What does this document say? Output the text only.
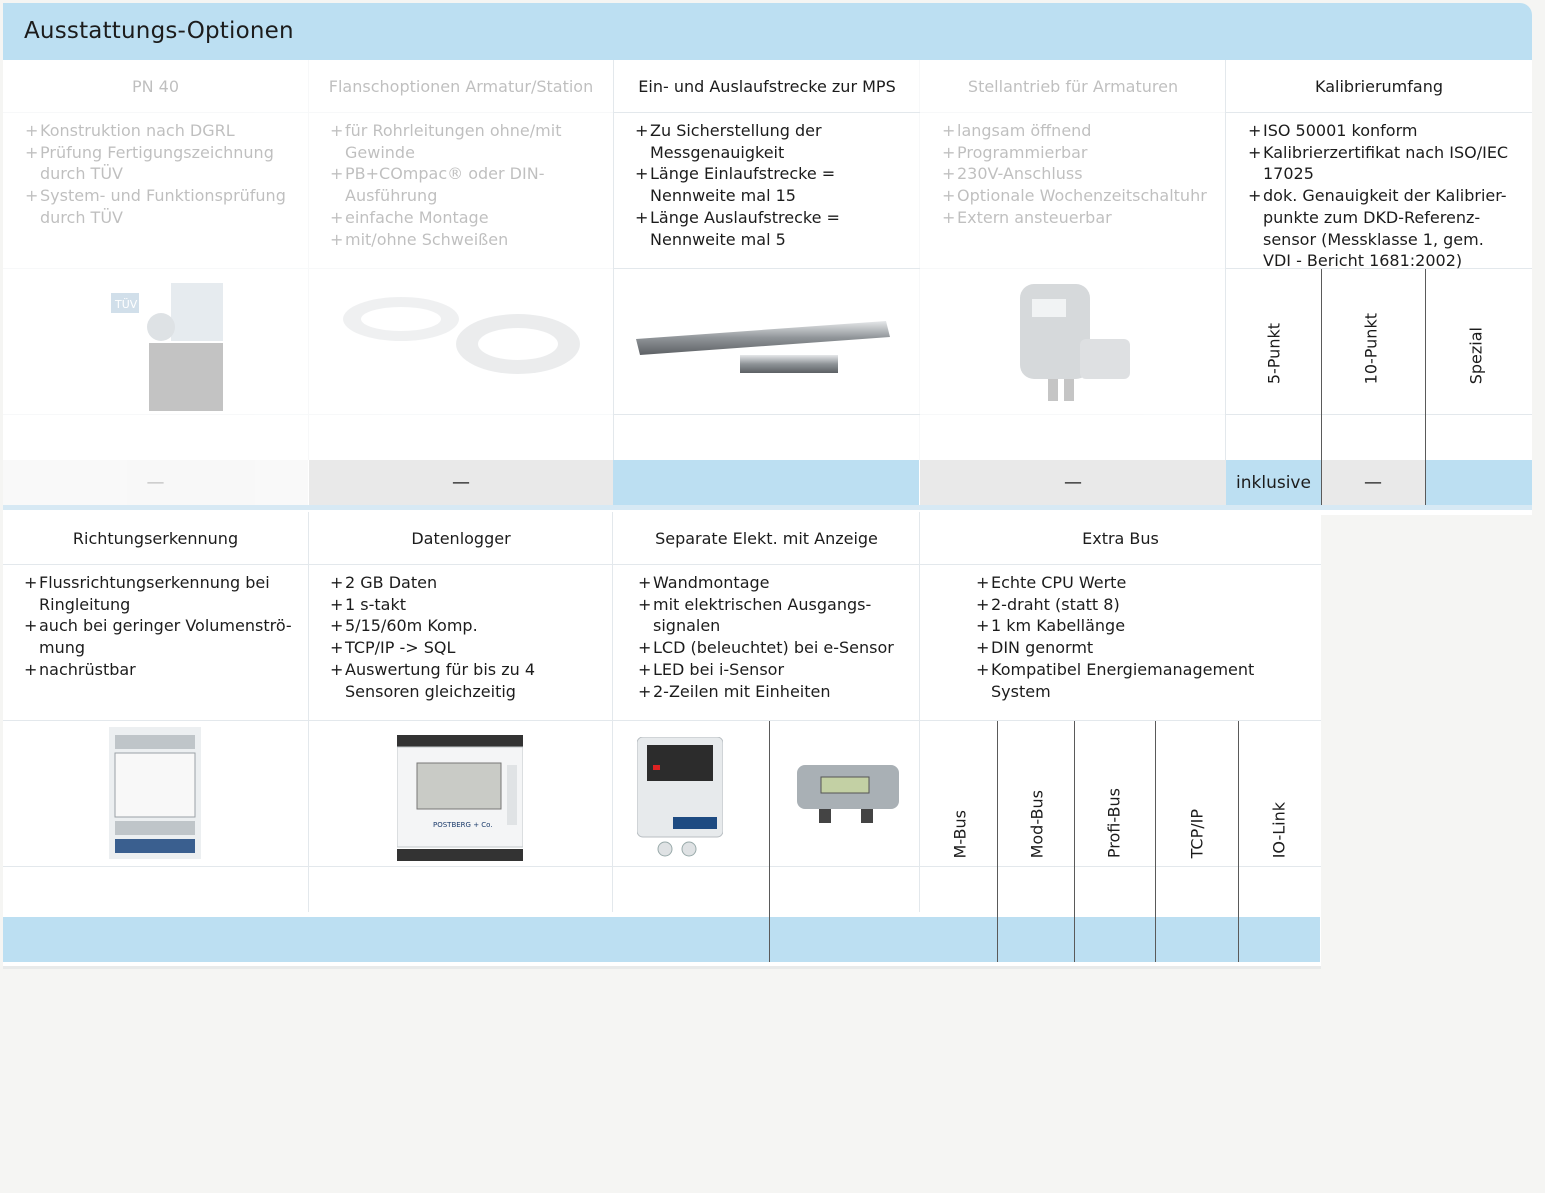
Ausstattungs-Optionen
PN 40
+ Konstruktion nach DGRL
+ Prüfung Fertigungszeichnung durch TÜV
+ System- und Funktionsprüfung durch TÜV
TÜV
—
Flanschoptionen Armatur/Station
+ für Rohrleitungen ohne/mit Gewinde
+ PB+COmpac® oder DIN-Ausführung
+ einfache Montage
+ mit/ohne Schweißen
—
Ein- und Auslaufstrecke zur MPS
+ Zu Sicherstellung der Messgenauigkeit
+ Länge Einlaufstrecke = Nennweite mal 15
+ Länge Auslaufstrecke = Nennweite mal 5
Stellantrieb für Armaturen
+ langsam öffnend
+ Programmierbar
+ 230V-Anschluss
+ Optionale Wochenzeitschaltuhr
+ Extern ansteuerbar
—
Kalibrierumfang
+ ISO 50001 konform
+ Kalibrierzertifikat nach ISO/IEC 17025
+ dok. Genauigkeit der Kalibrier-punkte zum DKD-Referenz-sensor (Messklasse 1, gem. VDI - Bericht 1681:2002)
5-Punkt	10-Punkt	Spezial
inklusive	—
Richtungserkennung
+ Flussrichtungserkennung bei Ringleitung
+ auch bei geringer Volumenströ-mung
+ nachrüstbar
Datenlogger
+ 2 GB Daten
+ 1 s-takt
+ 5/15/60m Komp.
+ TCP/IP -> SQL
+ Auswertung für bis zu 4 Sensoren gleichzeitig
POSTBERG + Co.
Separate Elekt. mit Anzeige
+ Wandmontage
+ mit elektrischen Ausgangs-signalen
+ LCD (beleuchtet) bei e-Sensor
+ LED bei i-Sensor
+ 2-Zeilen mit Einheiten
Extra Bus
+ Echte CPU Werte
+ 2-draht (statt 8)
+ 1 km Kabellänge
+ DIN genormt
+ Kompatibel Energiemanagement System
M-Bus	Mod-Bus	Profi-Bus	TCP/IP	IO-Link
